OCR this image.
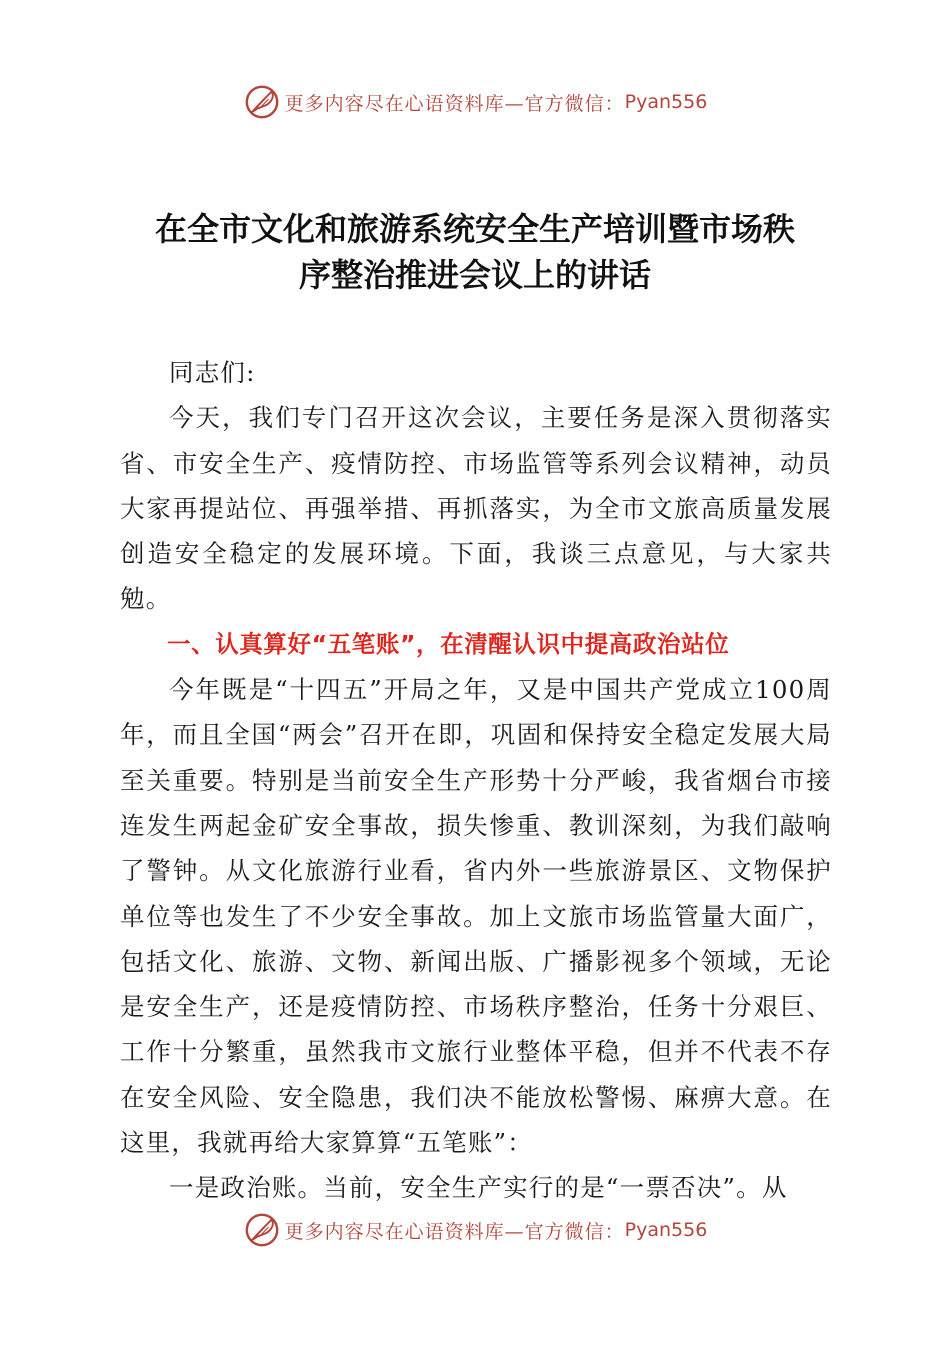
更多内容尽在心语资料库—官方微信： Pyan556
在全市文化和旅游系统安全生产培训暨市场秩
序整治推进会议上的讲话

同志们:

今天，我们专门召开这次会议，主要任务是深入贯彻落实省、市安全生产、疫情防控、市场监管等系列会议精神，动员大家再提站位、再强举措、再抓落实，为全市文旅高质量发展创造安全稳定的发展环境。下面，我谈三点意见，与大家共勉。

一、认真算好“五笔账”，在清醒认识中提高政治站位

今年既是“十四五”开局之年，又是中国共产党成立100周年，而且全国“两会”召开在即，巩固和保持安全稳定发展大局至关重要。特别是当前安全生产形势十分严峻，我省烟台市接连发生两起金矿安全事故，损失惨重、教训深刻，为我们敲响了警钟。从文化旅游行业看，省内外一些旅游景区、文物保护单位等也发生了不少安全事故。加上文旅市场监管量大面广，包括文化、旅游、文物、新闻出版、广播影视多个领域，无论是安全生产，还是疫情防控、市场秩序整治，任务十分艰巨、工作十分繁重，虽然我市文旅行业整体平稳，但并不代表不存在安全风险、安全隐患，我们决不能放松警惕、麻痹大意。在这里，我就再给大家算算“五笔账”：

一是政治账。当前，安全生产实行的是“一票否决”。从

更多内容尽在心语资料库—官方微信： Pyan556
